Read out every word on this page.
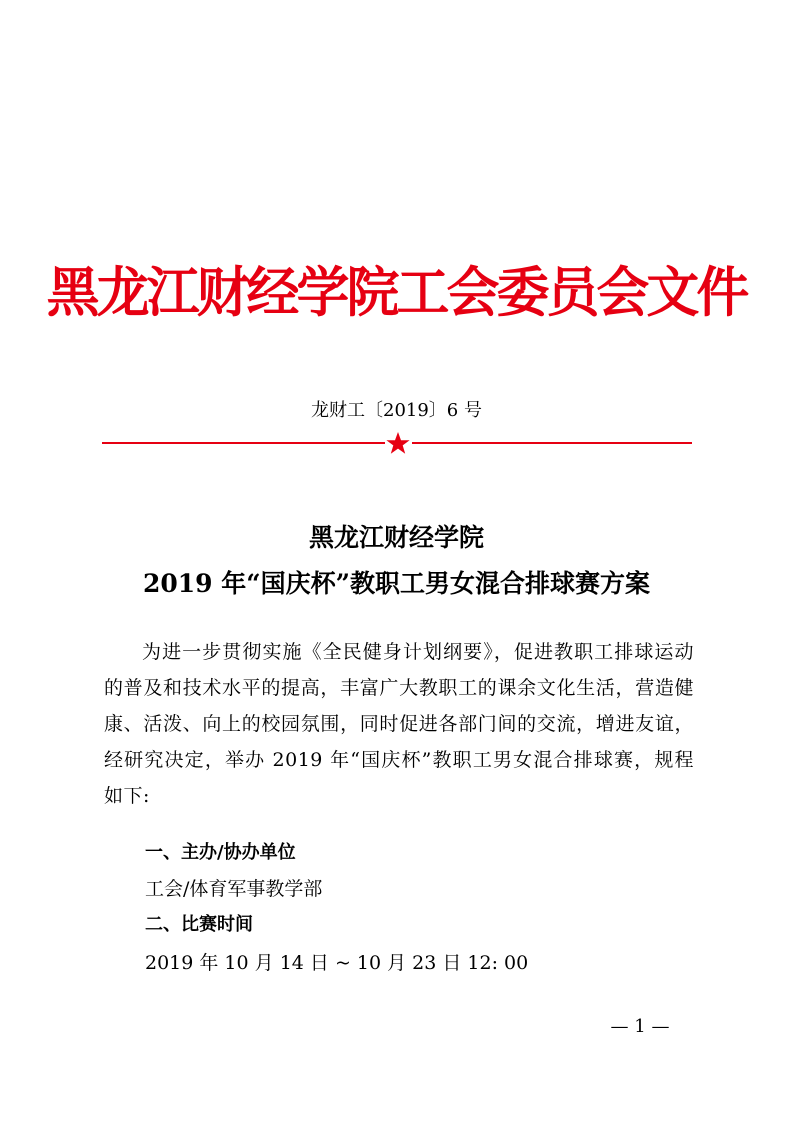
黑龙江财经学院工会委员会文件
龙财工〔2019〕6 号
黑龙江财经学院
2019 年“国庆杯”教职工男女混合排球赛方案
为进一步贯彻实施《全民健身计划纲要》，促进教职工排球运动的普及和技术水平的提高，丰富广大教职工的课余文化生活，营造健康、活泼、向上的校园氛围，同时促进各部门间的交流，增进友谊，经研究决定，举办 2019 年“国庆杯”教职工男女混合排球赛，规程如下:
一、主办/协办单位
工会/体育军事教学部
二、比赛时间
2019 年 10 月 14 日 ~ 10 月 23 日 12: 00
— 1 —
